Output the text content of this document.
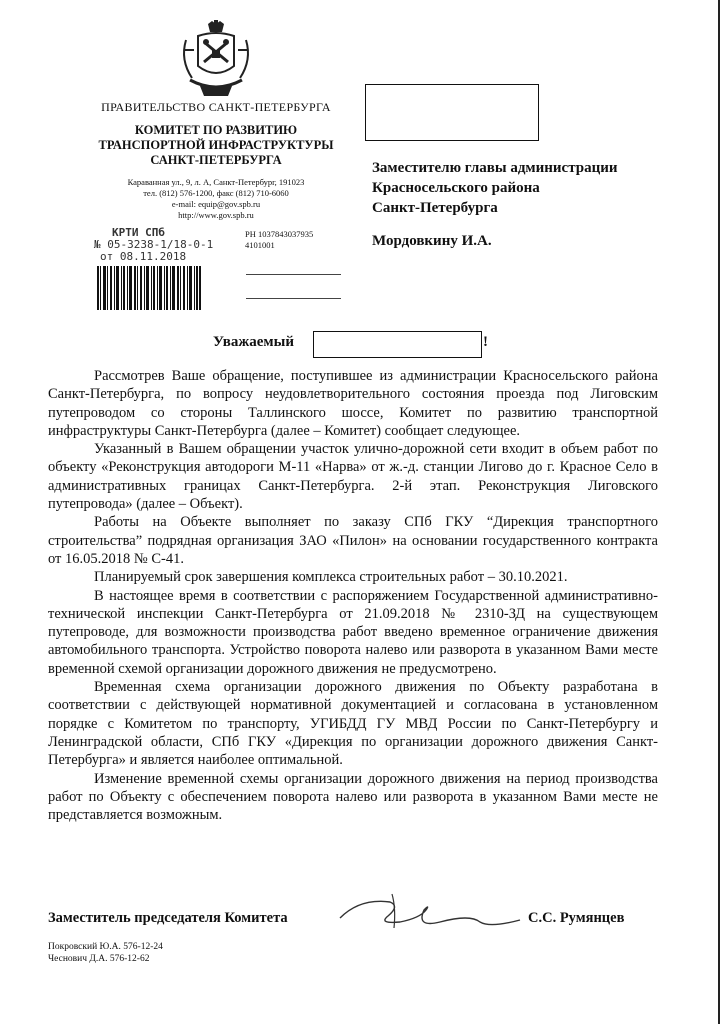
ПРАВИТЕЛЬСТВО САНКТ-ПЕТЕРБУРГА
КОМИТЕТ ПО РАЗВИТИЮ
ТРАНСПОРТНОЙ ИНФРАСТРУКТУРЫ
САНКТ-ПЕТЕРБУРГА
Караванная ул., 9, л. А, Санкт-Петербург, 191023
тел. (812) 576-1200, факс (812) 710-6060
e-mail: equip@gov.spb.ru
http://www.gov.spb.ru
КРТИ СПб
№ 05-3238-1/18-0-1
от 08.11.2018
РН 1037843037935
4101001
Заместителю главы администрации
Красносельского района
Санкт-Петербурга
Мордовкину И.А.
Уважаемый	!

Рассмотрев Ваше обращение, поступившее из администрации Красносельского района Санкт-Петербурга, по вопросу неудовлетворительного состояния проезда под Лиговским путепроводом со стороны Таллинского шоссе, Комитет по развитию транспортной инфраструктуры Санкт-Петербурга (далее – Комитет) сообщает следующее.

Указанный в Вашем обращении участок улично-дорожной сети входит в объем работ по объекту «Реконструкция автодороги М-11 «Нарва» от ж.-д. станции Лигово до г. Красное Село в административных границах Санкт-Петербурга. 2-й этап. Реконструкция Лиговского путепровода» (далее – Объект).

Работы на Объекте выполняет по заказу СПб ГКУ “Дирекция транспортного строительства” подрядная организация ЗАО «Пилон» на основании государственного контракта от 16.05.2018 № С-41.

Планируемый срок завершения комплекса строительных работ – 30.10.2021.

В настоящее время в соответствии с распоряжением Государственной административно-технической инспекции Санкт-Петербурга от 21.09.2018 № 2310-ЗД на существующем путепроводе, для возможности производства работ введено временное ограничение движения автомобильного транспорта. Устройство поворота налево или разворота в указанном Вами месте временной схемой организации дорожного движения не предусмотрено.

Временная схема организации дорожного движения по Объекту разработана в соответствии с действующей нормативной документацией и согласована в установленном порядке с Комитетом по транспорту, УГИБДД ГУ МВД России по Санкт-Петербургу и Ленинградской области, СПб ГКУ «Дирекция по организации дорожного движения Санкт-Петербурга» и является наиболее оптимальной.

Изменение временной схемы организации дорожного движения на период производства работ по Объекту с обеспечением поворота налево или разворота в указанном Вами месте не представляется возможным.

Заместитель председателя Комитета	С.С. Румянцев
Покровский Ю.А. 576-12-24
Чеснович Д.А. 576-12-62
